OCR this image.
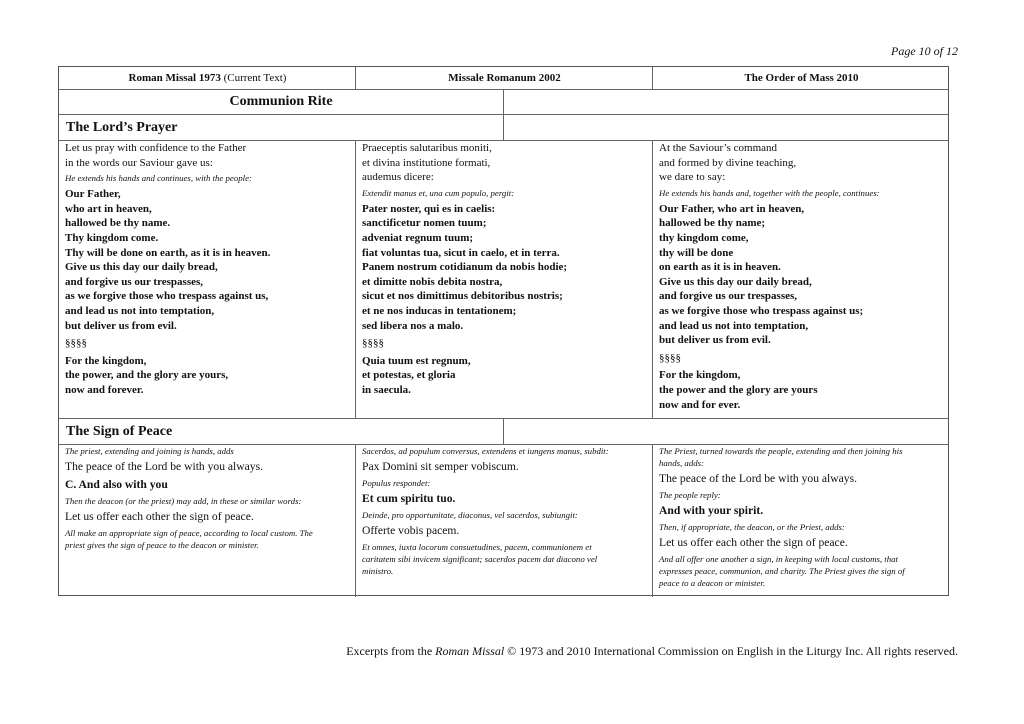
Page 10 of 12
Roman Missal 1973 (Current Text)	Missale Romanum 2002	The Order of Mass 2010
Communion Rite
The Lord’s Prayer
The Sign of Peace
Let us pray with confidence to the Father
in the words our Saviour gave us:
He extends his hands and continues, with the people:
Our Father,
who art in heaven,
hallowed be thy name.
Thy kingdom come.
Thy will be done on earth, as it is in heaven.
Give us this day our daily bread,
and forgive us our trespasses,
as we forgive those who trespass against us,
and lead us not into temptation,
but deliver us from evil.
§§§§
For the kingdom,
the power, and the glory are yours,
now and forever.
Praeceptis salutaribus moniti,
et divina institutione formati,
audemus dicere:
Extendit manus et, una cum populo, pergit:
Pater noster, qui es in caelis:
sanctificetur nomen tuum;
adveniat regnum tuum;
fiat voluntas tua, sicut in caelo, et in terra.
Panem nostrum cotidianum da nobis hodie;
et dimitte nobis debita nostra,
sicut et nos dimittimus debitoribus nostris;
et ne nos inducas in tentationem;
sed libera nos a malo.
§§§§
Quia tuum est regnum,
et potestas, et gloria
in saecula.
At the Saviour’s command
and formed by divine teaching,
we dare to say:
He extends his hands and, together with the people, continues:
Our Father, who art in heaven,
hallowed be thy name;
thy kingdom come,
thy will be done
on earth as it is in heaven.
Give us this day our daily bread,
and forgive us our trespasses,
as we forgive those who trespass against us;
and lead us not into temptation,
but deliver us from evil.
§§§§
For the kingdom,
the power and the glory are yours
now and for ever.
The priest, extending and joining is hands, adds
The peace of the Lord be with you always.
C. And also with you
Then the deacon (or the priest) may add, in these or similar words:
Let us offer each other the sign of peace.
All make an appropriate sign of peace, according to local custom. The
priest gives the sign of peace to the deacon or minister.
Sacerdos, ad populum conversus, extendens et iungens manus, subdit:
Pax Domini sit semper vobiscum.
Populus respondet:
Et cum spiritu tuo.
Deinde, pro opportunitate, diaconus, vel sacerdos, subiungit:
Offerte vobis pacem.
Et omnes, iuxta locorum consuetudines, pacem, communionem et
caritatem sibi invicem significant; sacerdos pacem dat diacono vel
ministro.
The Priest, turned towards the people, extending and then joining his
hands, adds:
The peace of the Lord be with you always.
The people reply:
And with your spirit.
Then, if appropriate, the deacon, or the Priest, adds:
Let us offer each other the sign of peace.
And all offer one another a sign, in keeping with local customs, that
expresses peace, communion, and charity. The Priest gives the sign of
peace to a deacon or minister.
Excerpts from the Roman Missal © 1973 and 2010 International Commission on English in the Liturgy Inc. All rights reserved.
